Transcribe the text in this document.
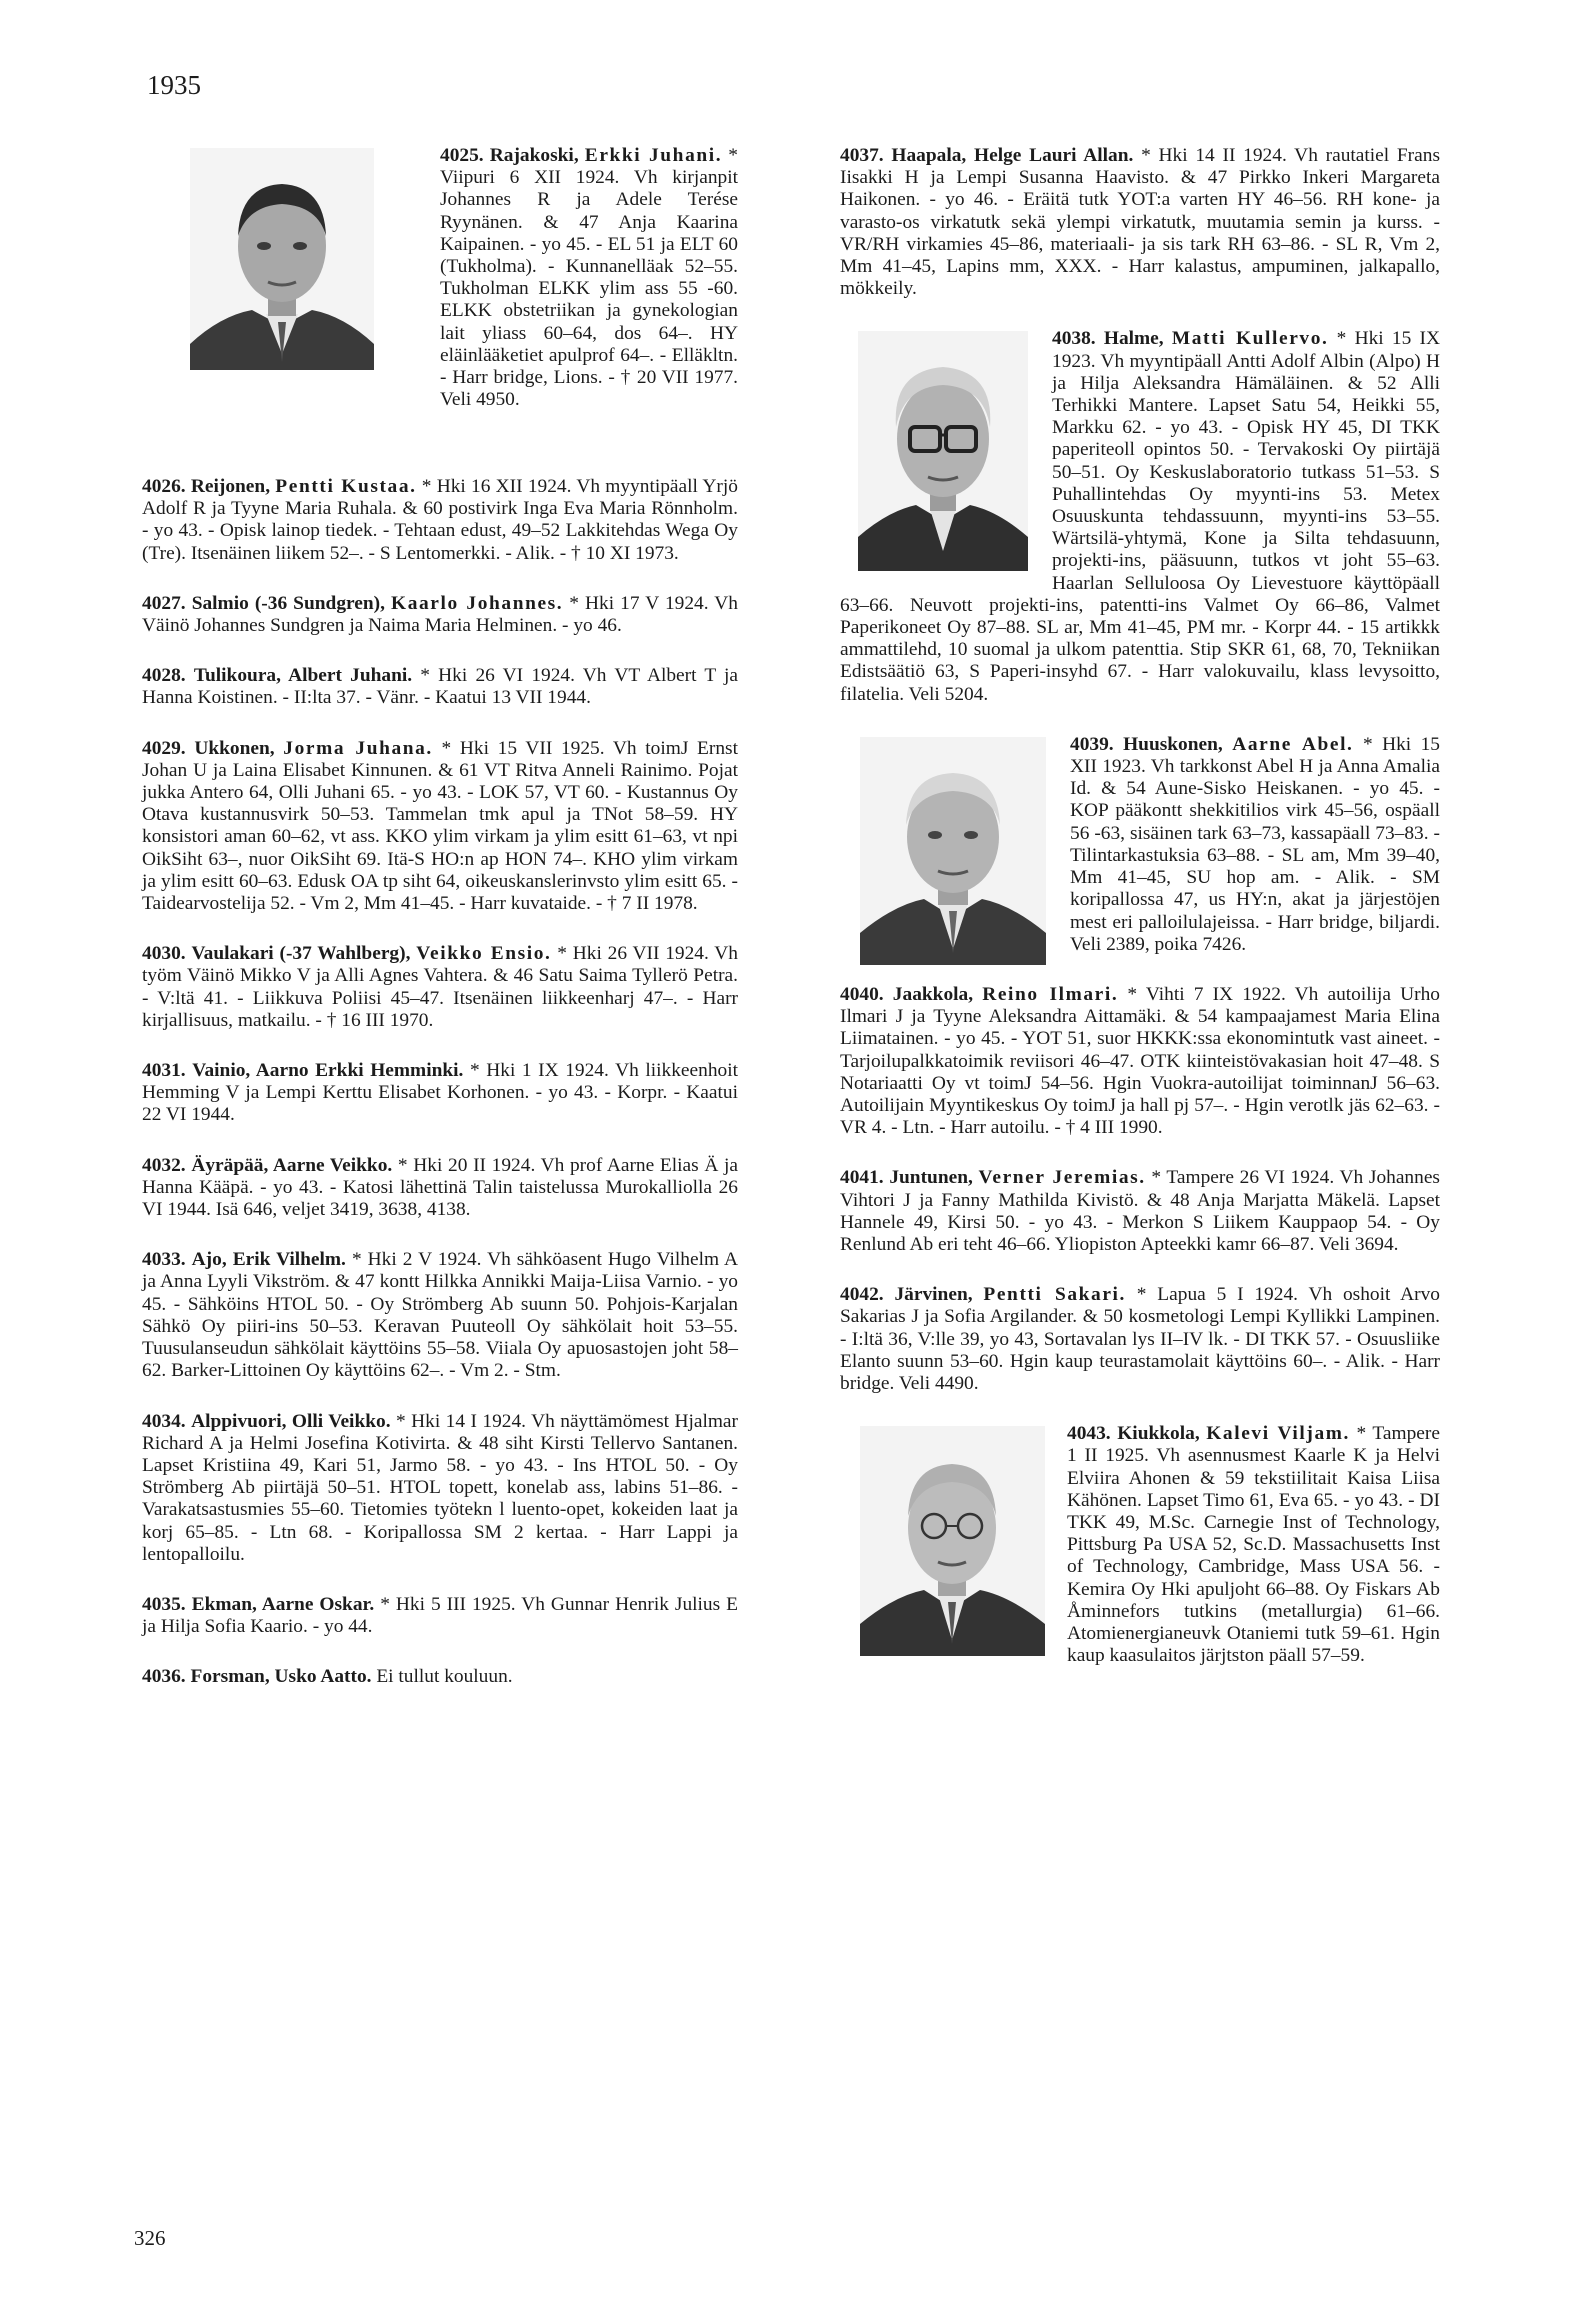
1935

4025. Rajakoski, Erkki Juhani.
* Viipuri 6 XII 1924. Vh kirjanpit Johannes R ja Adele Terése Ryynänen. & 47 Anja Kaarina Kaipainen. - yo 45. - EL 51 ja ELT 60 (Tukholma). - Kunnanelläak 52–55. Tukholman ELKK ylim ass 55 -60. ELKK obstetriikan ja gynekologian lait yliass 60–64, dos 64–. HY eläinlääketiet apulprof 64–. - Elläkltn. - Harr bridge, Lions. - † 20 VII 1977. Veli 4950.

4026. Reijonen, Pentti Kustaa. * Hki 16 XII 1924. Vh myyntipäall Yrjö Adolf R ja Tyyne Maria Ruhala. & 60 postivirk Inga Eva Maria Rönnholm. - yo 43. - Opisk lainop tiedek. - Tehtaan edust, 49–52 Lakkitehdas Wega Oy (Tre). Itsenäinen liikem 52–. - S Lentomerkki. - Alik. - † 10 XI 1973.

4027. Salmio (-36 Sundgren), Kaarlo Johannes. * Hki 17 V 1924. Vh Väinö Johannes Sundgren ja Naima Maria Helminen. - yo 46.

4028. Tulikoura, Albert Juhani. * Hki 26 VI 1924. Vh VT Albert T ja Hanna Koistinen. - II:lta 37. - Vänr. - Kaatui 13 VII 1944.

4029. Ukkonen, Jorma Juhana. * Hki 15 VII 1925. Vh toimJ Ernst Johan U ja Laina Elisabet Kinnunen. & 61 VT Ritva Anneli Rainimo. Pojat jukka Antero 64, Olli Juhani 65. - yo 43. - LOK 57, VT 60. - Kustannus Oy Otava kustannusvirk 50–53. Tammelan tmk apul ja TNot 58–59. HY konsistori aman 60–62, vt ass. KKO ylim virkam ja ylim esitt 61–63, vt npi OikSiht 63–, nuor OikSiht 69. Itä-S HO:n ap HON 74–. KHO ylim virkam ja ylim esitt 60–63. Edusk OA tp siht 64, oikeuskanslerinvsto ylim esitt 65. - Taidearvostelija 52. - Vm 2, Mm 41–45. - Harr kuvataide. - † 7 II 1978.

4030. Vaulakari (-37 Wahlberg), Veikko Ensio. * Hki 26 VII 1924. Vh työm Väinö Mikko V ja Alli Agnes Vahtera. & 46 Satu Saima Tyllerö Petra. - V:ltä 41. - Liikkuva Poliisi 45–47. Itsenäinen liikkeenharj 47–. - Harr kirjallisuus, matkailu. - † 16 III 1970.

4031. Vainio, Aarno Erkki Hemminki. * Hki 1 IX 1924. Vh liikkeenhoit Hemming V ja Lempi Kerttu Elisabet Korhonen. - yo 43. - Korpr. - Kaatui 22 VI 1944.

4032. Äyräpää, Aarne Veikko. * Hki 20 II 1924. Vh prof Aarne Elias Ä ja Hanna Kääpä. - yo 43. - Katosi lähettinä Talin taistelussa Murokalliolla 26 VI 1944. Isä 646, veljet 3419, 3638, 4138.

4033. Ajo, Erik Vilhelm. * Hki 2 V 1924. Vh sähköasent Hugo Vilhelm A ja Anna Lyyli Vikström. & 47 kontt Hilkka Annikki Maija-Liisa Varnio. - yo 45. - Sähköins HTOL 50. - Oy Strömberg Ab suunn 50. Pohjois-Karjalan Sähkö Oy piiri-ins 50–53. Keravan Puuteoll Oy sähkölait hoit 53–55. Tuusulanseudun sähkölait käyttöins 55–58. Viiala Oy apuosastojen joht 58–62. Barker-Littoinen Oy käyttöins 62–. - Vm 2. - Stm.

4034. Alppivuori, Olli Veikko. * Hki 14 I 1924. Vh näyttämömest Hjalmar Richard A ja Helmi Josefina Kotivirta. & 48 siht Kirsti Tellervo Santanen. Lapset Kristiina 49, Kari 51, Jarmo 58. - yo 43. - Ins HTOL 50. - Oy Strömberg Ab piirtäjä 50–51. HTOL topett, konelab ass, labins 51–86. - Varakatsastusmies 55–60. Tietomies työtekn l luento-opet, kokeiden laat ja korj 65–85. - Ltn 68. - Koripallossa SM 2 kertaa. - Harr Lappi ja lentopalloilu.

4035. Ekman, Aarne Oskar. * Hki 5 III 1925. Vh Gunnar Henrik Julius E ja Hilja Sofia Kaario. - yo 44.

4036. Forsman, Usko Aatto. Ei tullut kouluun.

4037. Haapala, Helge Lauri Allan. * Hki 14 II 1924. Vh rautatiel Frans Iisakki H ja Lempi Susanna Haavisto. & 47 Pirkko Inkeri Margareta Haikonen. - yo 46. - Eräitä tutk YOT:a varten HY 46–56. RH kone- ja varasto-os virkatutk sekä ylempi virkatutk, muutamia semin ja kurss. - VR/RH virkamies 45–86, materiaali- ja sis tark RH 63–86. - SL R, Vm 2, Mm 41–45, Lapins mm, XXX. - Harr kalastus, ampuminen, jalkapallo, mökkeily.

4038. Halme, Matti Kullervo.
* Hki 15 IX 1923. Vh myyntipäall Antti Adolf Albin (Alpo) H ja Hilja Aleksandra Hämäläinen. & 52 Alli Terhikki Mantere. Lapset Satu 54, Heikki 55, Markku 62. - yo 43. - Opisk HY 45, DI TKK paperiteoll opintos 50. - Tervakoski Oy piirtäjä 50–51. Oy Keskuslaboratorio tutkass 51–53. S Puhallintehdas Oy myynti-ins 53. Metex Osuuskunta tehdassuunn, myynti-ins 53–55. Wärtsilä-yhtymä, Kone ja Silta tehdasuunn, projekti-ins, pääsuunn, tutkos vt joht 55–63. Haarlan Selluloosa Oy Lievestuore käyttöpäall 63–66. Neuvott projekti-ins, patentti-ins Valmet Oy 66–86, Valmet Paperikoneet Oy 87–88. SL ar, Mm 41–45, PM mr. - Korpr 44. - 15 artikkk ammattilehd, 10 suomal ja ulkom patenttia. Stip SKR 61, 68, 70, Tekniikan Edistsäätiö 63, S Paperi-insyhd 67. - Harr valokuvailu, klass levysoitto, filatelia. Veli 5204.

4039. Huuskonen, Aarne Abel.
* Hki 15 XII 1923. Vh tarkkonst Abel H ja Anna Amalia Id. & 54 Aune-Sisko Heiskanen. - yo 45. - KOP pääkontt shekkitilios virk 45–56, ospäall 56 -63, sisäinen tark 63–73, kassapäall 73–83. - Tilintarkastuksia 63–88. - SL am, Mm 39–40, Mm 41–45, SU hop am. - Alik. - SM koripallossa 47, us HY:n, akat ja järjestöjen mest eri palloilulajeissa. - Harr bridge, biljardi. Veli 2389, poika 7426.

4040. Jaakkola, Reino Ilmari. * Vihti 7 IX 1922. Vh autoilija Urho Ilmari J ja Tyyne Aleksandra Aittamäki. & 54 kampaajamest Maria Elina Liimatainen. - yo 45. - YOT 51, suor HKKK:ssa ekonomintutk vast aineet. - Tarjoilupalkkatoimik reviisori 46–47. OTK kiinteistövakasian hoit 47–48. S Notariaatti Oy vt toimJ 54–56. Hgin Vuokra-autoilijat toiminnanJ 56–63. Autoilijain Myyntikeskus Oy toimJ ja hall pj 57–. - Hgin verotlk jäs 62–63. - VR 4. - Ltn. - Harr autoilu. - † 4 III 1990.

4041. Juntunen, Verner Jeremias. * Tampere 26 VI 1924. Vh Johannes Vihtori J ja Fanny Mathilda Kivistö. & 48 Anja Marjatta Mäkelä. Lapset Hannele 49, Kirsi 50. - yo 43. - Merkon S Liikem Kauppaop 54. - Oy Renlund Ab eri teht 46–66. Yliopiston Apteekki kamr 66–87. Veli 3694.

4042. Järvinen, Pentti Sakari. * Lapua 5 I 1924. Vh oshoit Arvo Sakarias J ja Sofia Argilander. & 50 kosmetologi Lempi Kyllikki Lampinen. - I:ltä 36, V:lle 39, yo 43, Sortavalan lys II–IV lk. - DI TKK 57. - Osuusliike Elanto suunn 53–60. Hgin kaup teurastamolait käyttöins 60–. - Alik. - Harr bridge. Veli 4490.

4043. Kiukkola, Kalevi Viljam.
* Tampere 1 II 1925. Vh asennusmest Kaarle K ja Helvi Elviira Ahonen & 59 tekstiilitait Kaisa Liisa Kähönen. Lapset Timo 61, Eva 65. - yo 43. - DI TKK 49, M.Sc. Carnegie Inst of Technology, Pittsburg Pa USA 52, Sc.D. Massachusetts Inst of Technology, Cambridge, Mass USA 56. - Kemira Oy Hki apuljoht 66–88. Oy Fiskars Ab Åminnefors tutkins (metallurgia) 61–66. Atomienergianeuvk Otaniemi tutk 59–61. Hgin kaup kaasulaitos järjtston päall 57–59.

326
